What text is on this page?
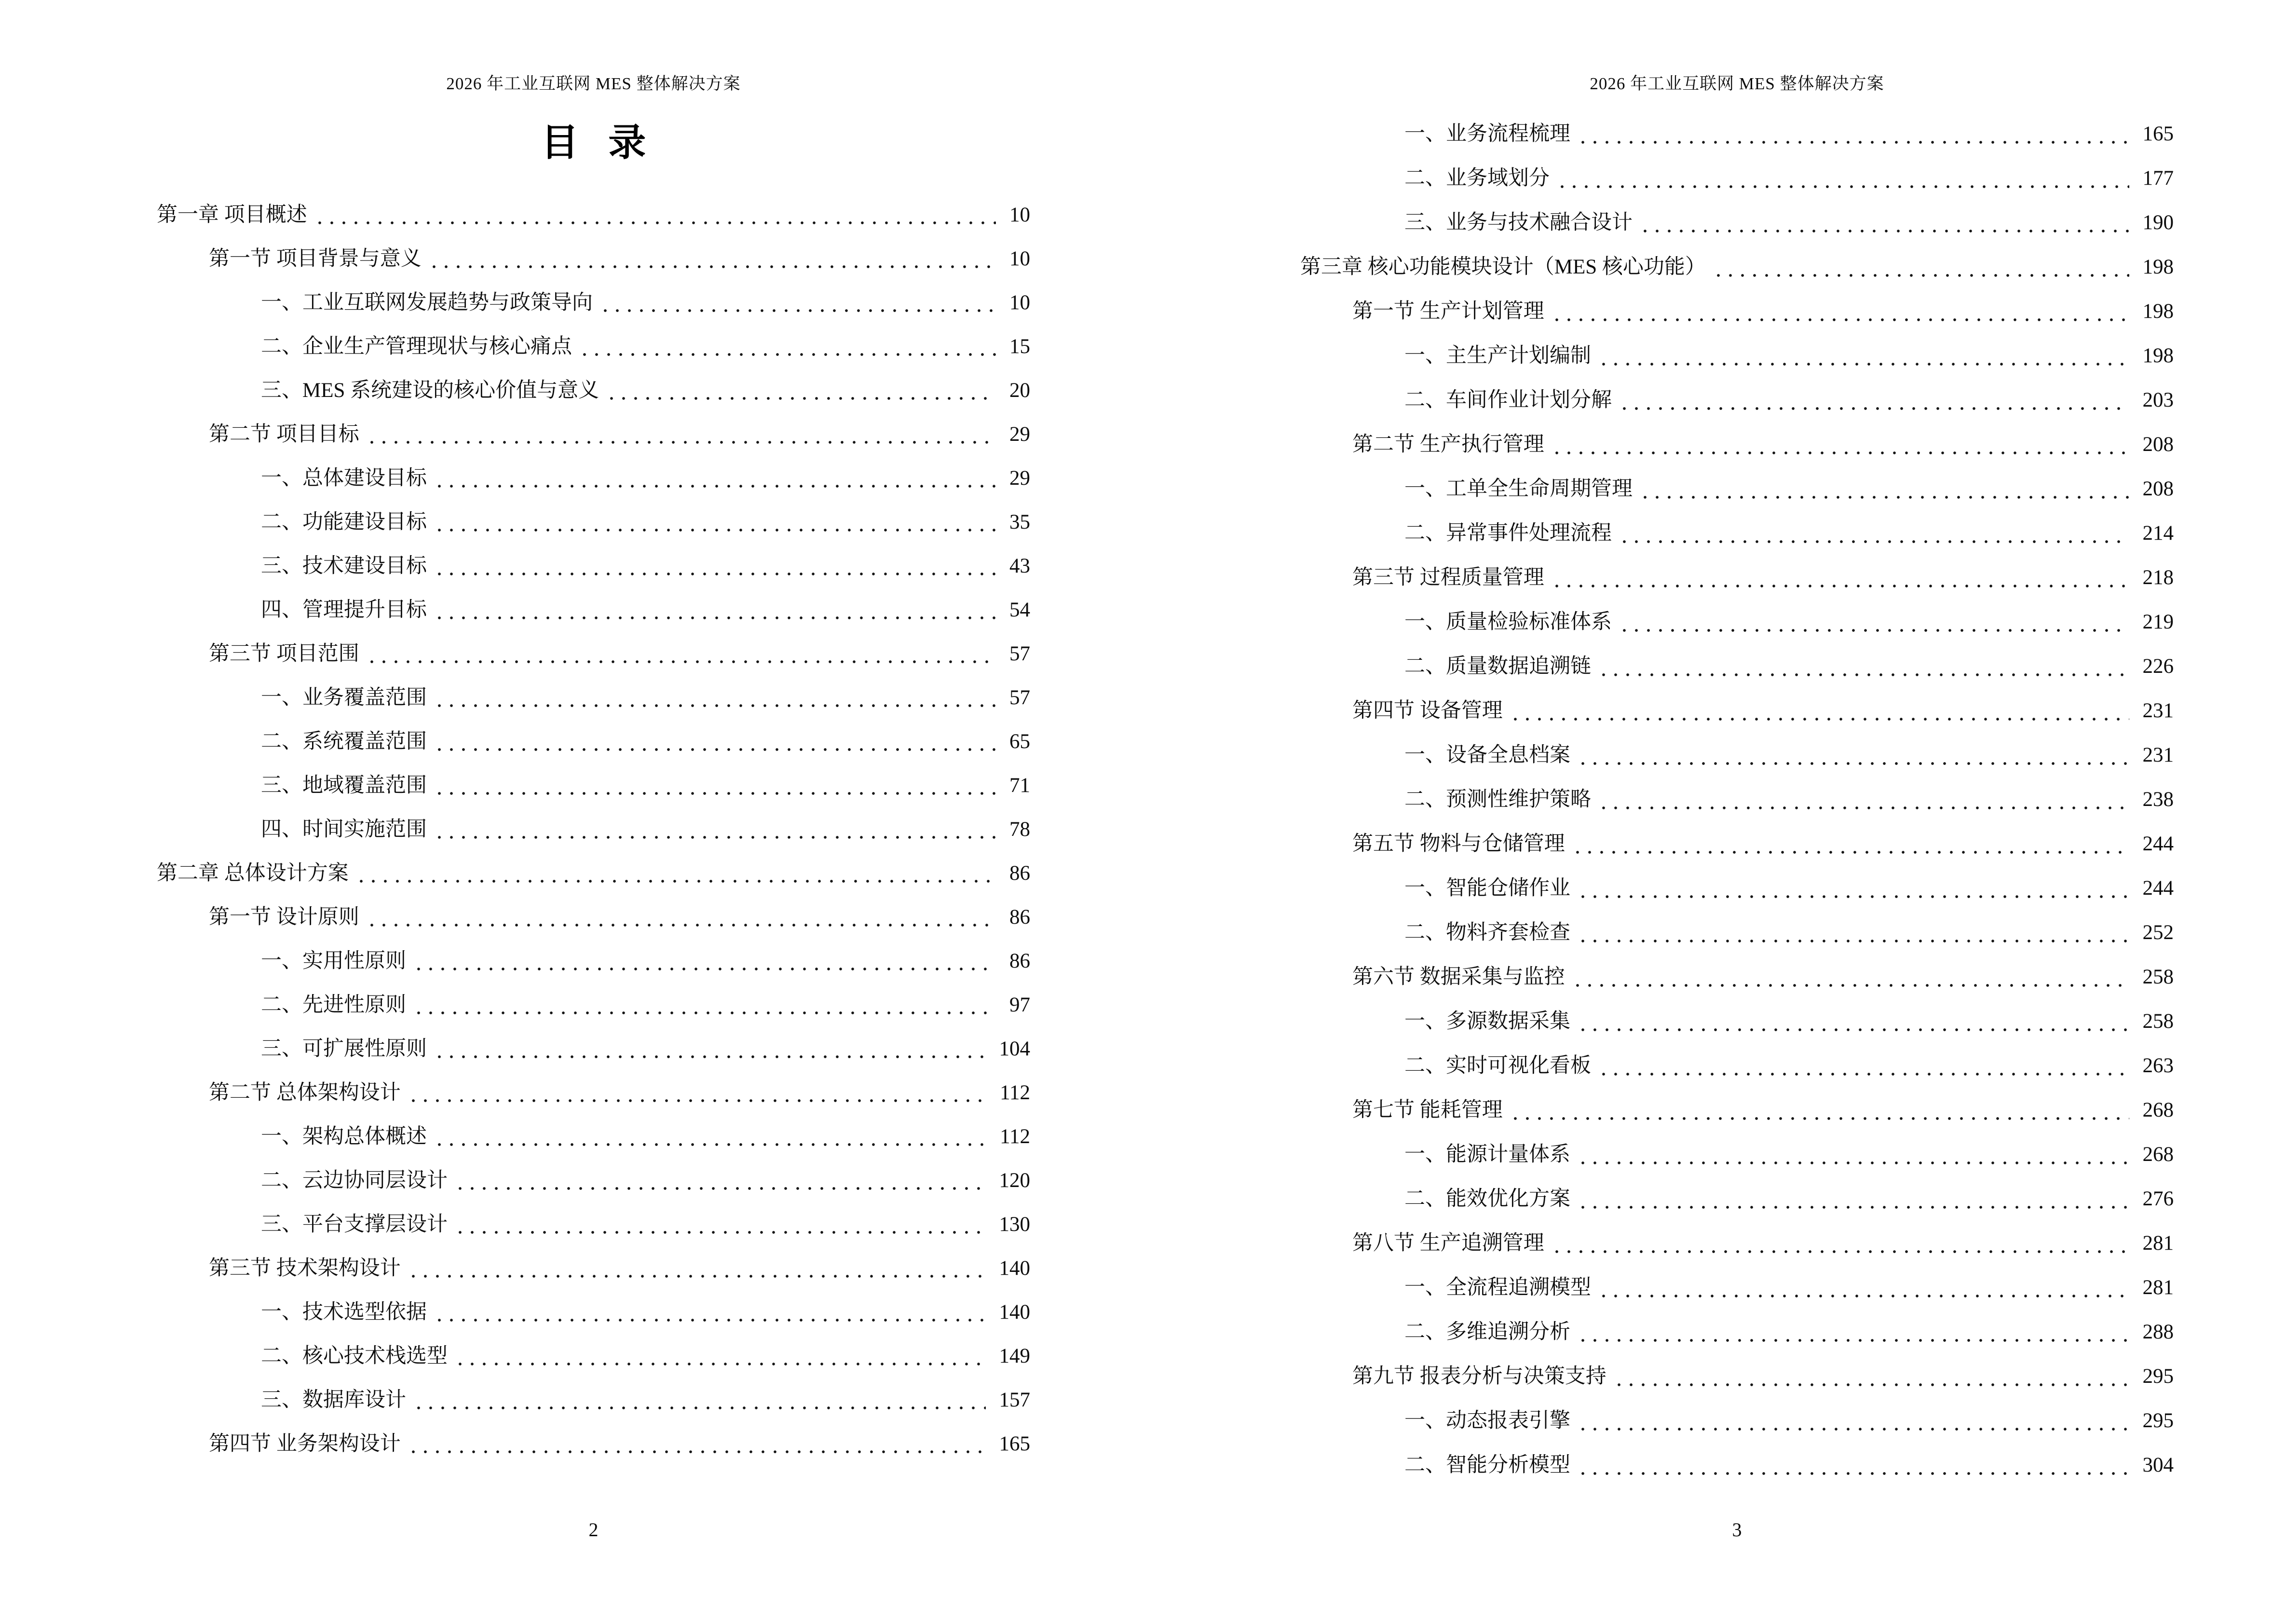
2026 年工业互联网 MES 整体解决方案
目 录
第一章 项目概述	10
第一节 项目背景与意义	10
一、工业互联网发展趋势与政策导向	10
二、企业生产管理现状与核心痛点	15
三、MES 系统建设的核心价值与意义	20
第二节 项目目标	29
一、总体建设目标	29
二、功能建设目标	35
三、技术建设目标	43
四、管理提升目标	54
第三节 项目范围	57
一、业务覆盖范围	57
二、系统覆盖范围	65
三、地域覆盖范围	71
四、时间实施范围	78
第二章 总体设计方案	86
第一节 设计原则	86
一、实用性原则	86
二、先进性原则	97
三、可扩展性原则	104
第二节 总体架构设计	112
一、架构总体概述	112
二、云边协同层设计	120
三、平台支撑层设计	130
第三节 技术架构设计	140
一、技术选型依据	140
二、核心技术栈选型	149
三、数据库设计	157
第四节 业务架构设计	165
2
2026 年工业互联网 MES 整体解决方案
一、业务流程梳理	165
二、业务域划分	177
三、业务与技术融合设计	190
第三章 核心功能模块设计（MES 核心功能）	198
第一节 生产计划管理	198
一、主生产计划编制	198
二、车间作业计划分解	203
第二节 生产执行管理	208
一、工单全生命周期管理	208
二、异常事件处理流程	214
第三节 过程质量管理	218
一、质量检验标准体系	219
二、质量数据追溯链	226
第四节 设备管理	231
一、设备全息档案	231
二、预测性维护策略	238
第五节 物料与仓储管理	244
一、智能仓储作业	244
二、物料齐套检查	252
第六节 数据采集与监控	258
一、多源数据采集	258
二、实时可视化看板	263
第七节 能耗管理	268
一、能源计量体系	268
二、能效优化方案	276
第八节 生产追溯管理	281
一、全流程追溯模型	281
二、多维追溯分析	288
第九节 报表分析与决策支持	295
一、动态报表引擎	295
二、智能分析模型	304
3
